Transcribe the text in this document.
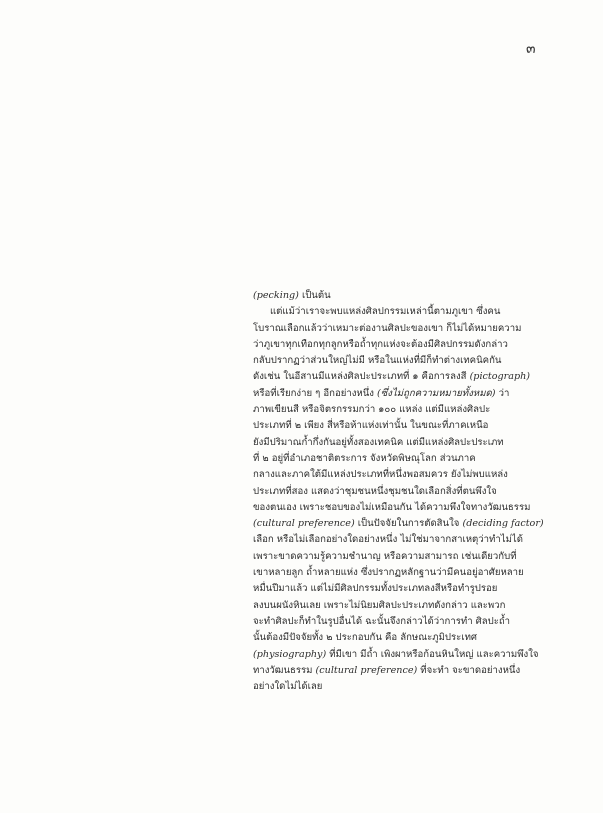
๓
(pecking) เป็นต้น
แต่แม้ว่าเราจะพบแหล่งศิลปกรรมเหล่านี้ตามภูเขา ซึ่งคน
โบราณเลือกแล้วว่าเหมาะต่องานศิลปะของเขา ก็ไม่ได้หมายความ
ว่าภูเขาทุกเทือกทุกลูกหรือถ้ำทุกแห่งจะต้องมีศิลปกรรมดังกล่าว
กลับปรากฏว่าส่วนใหญ่ไม่มี หรือในแห่งที่มีก็ทำต่างเทคนิคกัน
ดังเช่น ในอีสานมีแหล่งศิลปะประเภทที่ ๑ คือการลงสี (pictograph)
หรือที่เรียกง่าย ๆ อีกอย่างหนึ่ง (ซึ่งไม่ถูกความหมายทั้งหมด) ว่า
ภาพเขียนสี หรือจิตรกรรมกว่า ๑๐๐ แหล่ง แต่มีแหล่งศิลปะ
ประเภทที่ ๒ เพียง สี่หรือห้าแห่งเท่านั้น ในขณะที่ภาคเหนือ
ยังมีปริมาณก้ำกึ่งกันอยู่ทั้งสองเทคนิค แต่มีแหล่งศิลปะประเภท
ที่ ๒ อยู่ที่อำเภอชาติตระการ จังหวัดพิษณุโลก ส่วนภาค
กลางและภาคใต้มีแหล่งประเภทที่หนึ่งพอสมควร ยังไม่พบแหล่ง
ประเภทที่สอง แสดงว่าชุมชนหนึ่งชุมชนใดเลือกสิ่งที่ตนพึงใจ
ของตนเอง เพราะชอบของไม่เหมือนกัน ได้ความพึงใจทางวัฒนธรรม
(cultural preference) เป็นปัจจัยในการตัดสินใจ (deciding factor)
เลือก หรือไม่เลือกอย่างใดอย่างหนึ่ง ไม่ใช่มาจากสาเหตุว่าทำไม่ได้
เพราะขาดความรู้ความชำนาญ หรือความสามารถ เช่นเดียวกับที่
เขาหลายลูก ถ้ำหลายแห่ง ซึ่งปรากฏหลักฐานว่ามีคนอยู่อาศัยหลาย
หมื่นปีมาแล้ว แต่ไม่มีศิลปกรรมทั้งประเภทลงสีหรือทำรูปรอย
ลงบนผนังหินเลย เพราะไม่นิยมศิลปะประเภทดังกล่าว และพวก
จะทำศิลปะก็ทำในรูปอื่นได้ ฉะนั้นจึงกล่าวได้ว่าการทำ ศิลปะถ้ำ
นั้นต้องมีปัจจัยทั้ง ๒ ประกอบกัน คือ ลักษณะภูมิประเทศ
(physiography) ที่มีเขา มีถ้ำ เพิงผาหรือก้อนหินใหญ่ และความพึงใจ
ทางวัฒนธรรม (cultural preference) ที่จะทำ จะขาดอย่างหนึ่ง
อย่างใดไม่ได้เลย
